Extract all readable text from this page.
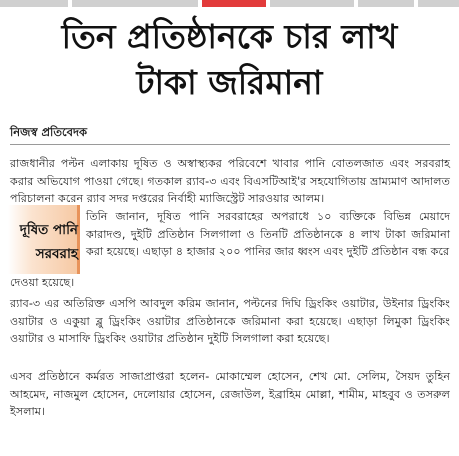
তিন প্রতিষ্ঠানকে চার লাখ
টাকা জরিমানা
নিজস্ব প্রতিবেদক

রাজধানীর পল্টন এলাকায় দূষিত ও অস্বাস্থ্যকর পরিবেশে খাবার পানি বোতলজাত এবং সরবরাহ করার অভিযোগ পাওয়া গেছে। গতকাল র‌্যাব-৩ এবং বিএসটিআই'র সহযোগিতায় ভ্রাম্যমাণ আদালত পরিচালনা করেন র‌্যাব সদর দপ্তরের নির্বাহী ম্যাজিস্ট্রেট সারওয়ার আলম।

দূষিত পানি
সরবরাহ

তিনি জানান, দূষিত পানি সরবরাহের অপরাধে ১০ ব্যক্তিকে বিভিন্ন মেয়াদে কারাদণ্ড, দুইটি প্রতিষ্ঠান সিলগালা ও তিনটি প্রতিষ্ঠানকে ৪ লাখ টাকা জরিমানা করা হয়েছে। এছাড়া ৪ হাজার ২০০ পানির জার ধ্বংস এবং দুইটি প্রতিষ্ঠান বন্ধ করে

দেওয়া হয়েছে।

র‌্যাব-৩ এর অতিরিক্ত এসপি আবদুল করিম জানান, পল্টনের দিঘি ড্রিংকিং ওয়াটার, উইনার ড্রিংকিং ওয়াটার ও একুয়া ব্লু ড্রিংকিং ওয়াটার প্রতিষ্ঠানকে জরিমানা করা হয়েছে। এছাড়া লিমুকা ড্রিংকিং ওয়াটার ও মাসাফি ড্রিংকিং ওয়াটার প্রতিষ্ঠান দুইটি সিলগালা করা হয়েছে।

এসব প্রতিষ্ঠানে কর্মরত সাজাপ্রাপ্তরা হলেন- মোকাম্মেল হোসেন, শেখ মো. সেলিম, সৈয়দ তুহিন আহমেদ, নাজমুল হোসেন, দেলোয়ার হোসেন, রেজাউল, ইব্রাহিম মোল্লা, শামীম, মাহবুব ও তসরুল ইসলাম।
